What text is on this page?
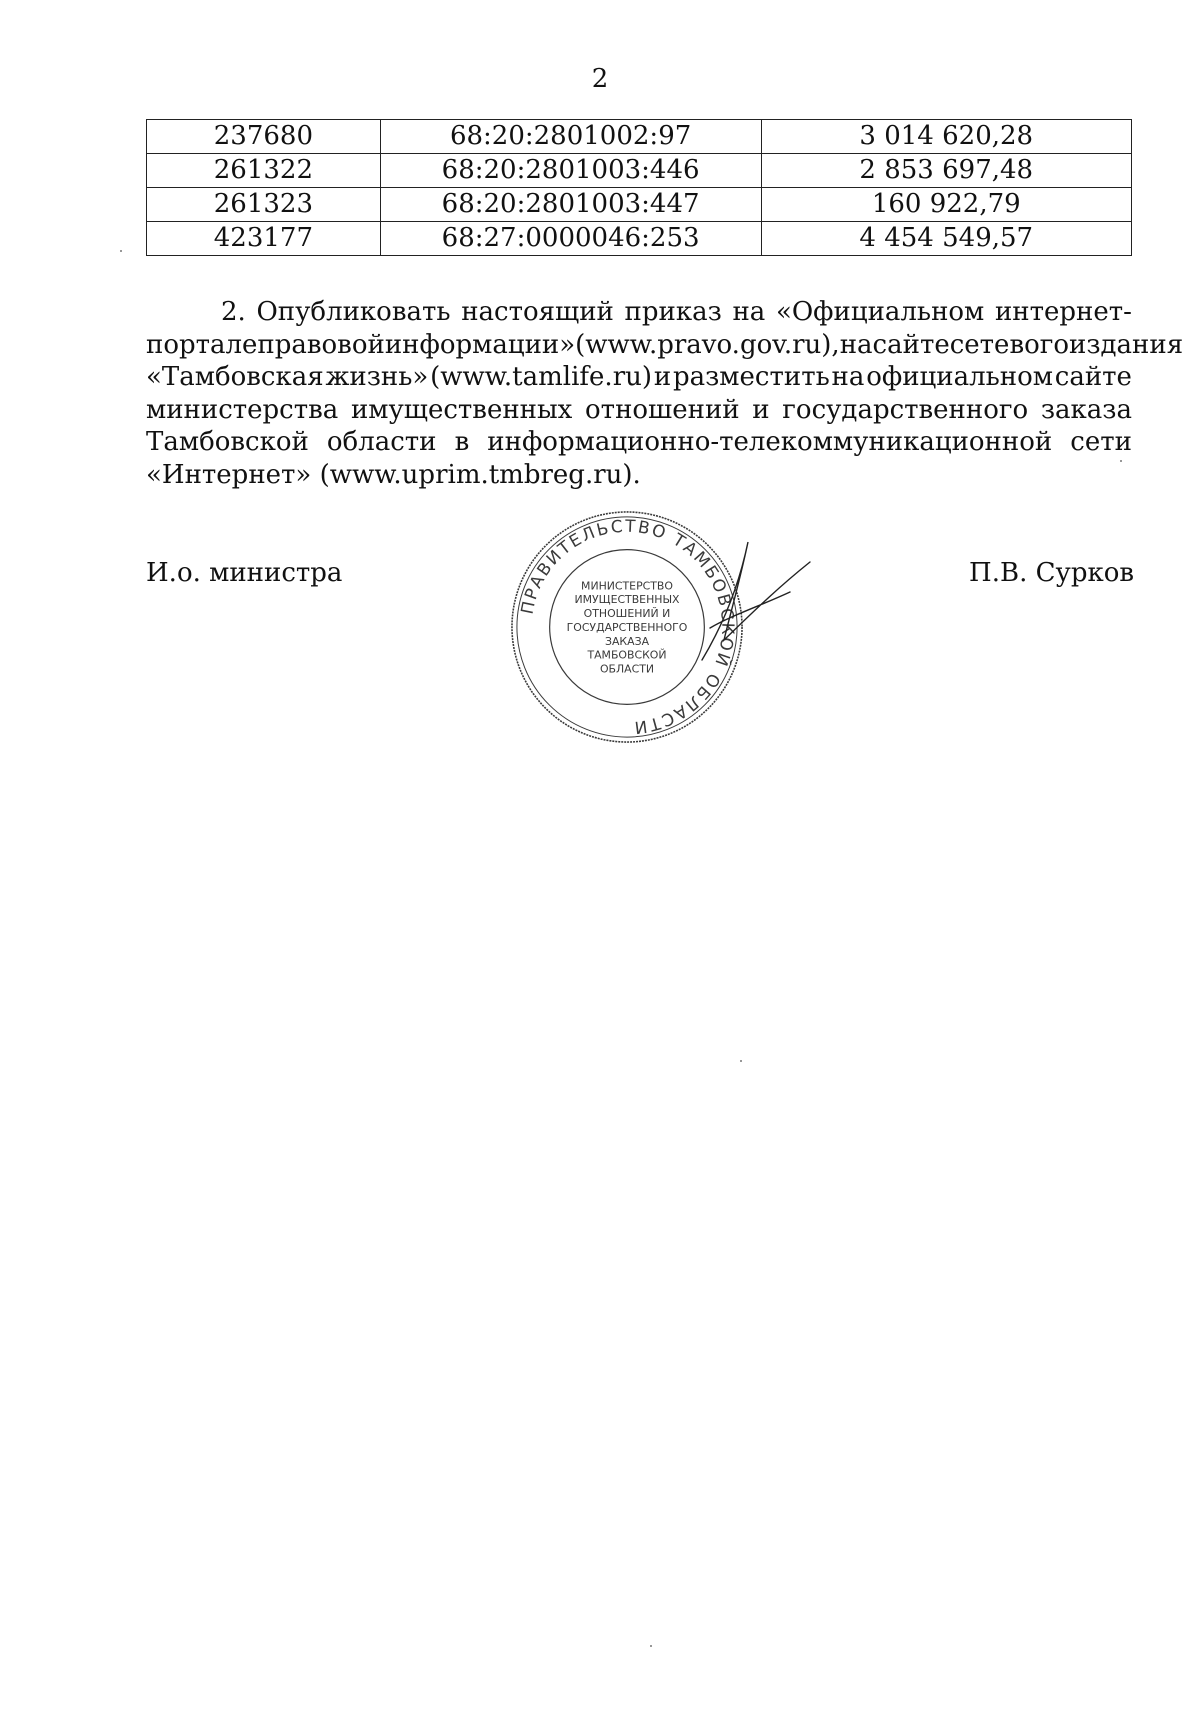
2
237680	68:20:2801002:97	3 014 620,28
261322	68:20:2801003:446	2 853 697,48
261323	68:20:2801003:447	160 922,79
423177	68:27:0000046:253	4 454 549,57
2. Опубликовать настоящий приказ на «Официальном интернет-
портале правовой информации» (www.pravo.gov.ru), на сайте сетевого издания
«Тамбовская жизнь» (www.tamlife.ru) и разместить на официальном сайте
министерства имущественных отношений и государственного заказа
Тамбовской области в информационно-телекоммуникационной сети
«Интернет» (www.uprim.tmbreg.ru).
И.о. министра	П.В. Сурков
ПРАВИТЕЛЬСТВО ТАМБОВСКОЙ ОБЛАСТИ
МИНИСТЕРСТВО
ИМУЩЕСТВЕННЫХ
ОТНОШЕНИЙ И
ГОСУДАРСТВЕННОГО
ЗАКАЗА
ТАМБОВСКОЙ
ОБЛАСТИ
